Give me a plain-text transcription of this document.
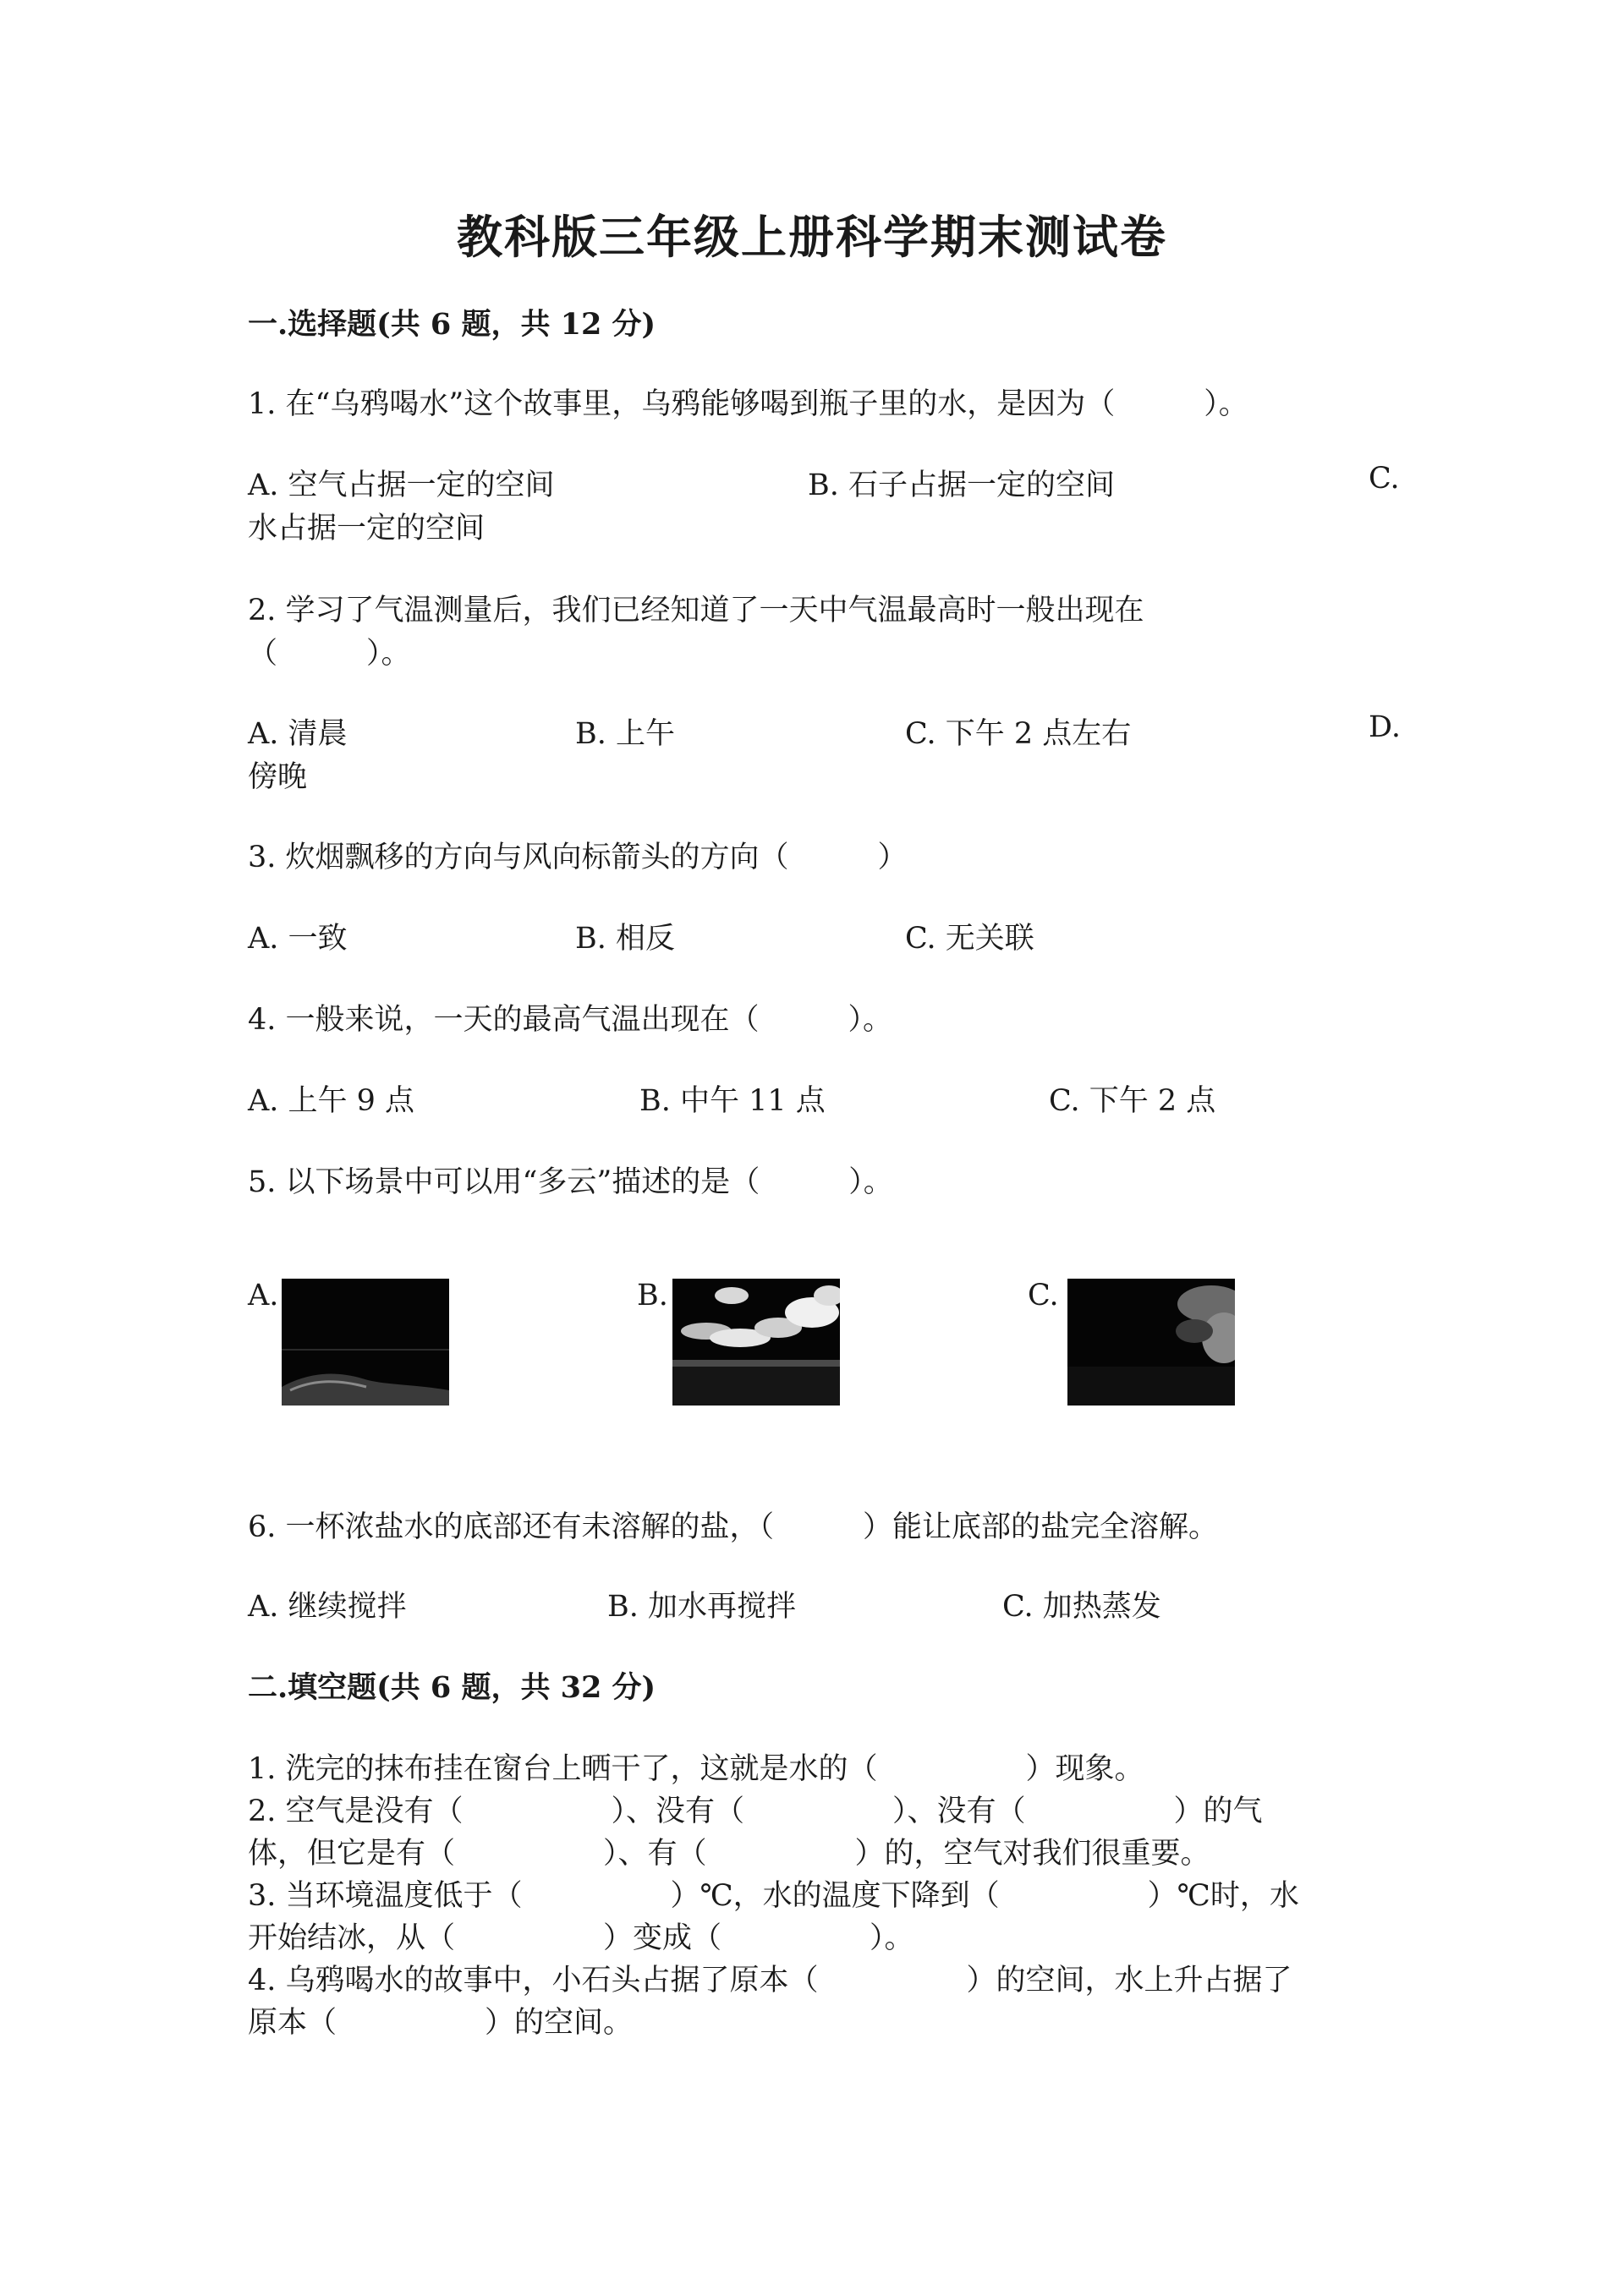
教科版三年级上册科学期末测试卷
一.选择题(共 6 题，共 12 分)
1. 在“乌鸦喝水”这个故事里，乌鸦能够喝到瓶子里的水，是因为（　　　）。
A. 空气占据一定的空间	B. 石子占据一定的空间	C.
水占据一定的空间
2. 学习了气温测量后，我们已经知道了一天中气温最高时一般出现在
（　　　）。
A. 清晨	B. 上午	C. 下午 2 点左右	D.
傍晚
3. 炊烟飘移的方向与风向标箭头的方向（　　　）
A. 一致	B. 相反	C. 无关联
4. 一般来说，一天的最高气温出现在（　　　）。
A. 上午 9 点	B. 中午 11 点	C. 下午 2 点
5. 以下场景中可以用“多云”描述的是（　　　）。
A.	B.	C.
6. 一杯浓盐水的底部还有未溶解的盐，（　　　）能让底部的盐完全溶解。
A. 继续搅拌	B. 加水再搅拌	C. 加热蒸发
二.填空题(共 6 题，共 32 分)
1. 洗完的抹布挂在窗台上晒干了，这就是水的（　　　　　）现象。
2. 空气是没有（　　　　　）、没有（　　　　　）、没有（　　　　　）的气
体，但它是有（　　　　　）、有（　　　　　）的，空气对我们很重要。
3. 当环境温度低于（　　　　　）℃，水的温度下降到（　　　　　）℃时，水
开始结冰，从（　　　　　）变成（　　　　　）。
4. 乌鸦喝水的故事中，小石头占据了原本（　　　　　）的空间，水上升占据了
原本（　　　　　）的空间。
